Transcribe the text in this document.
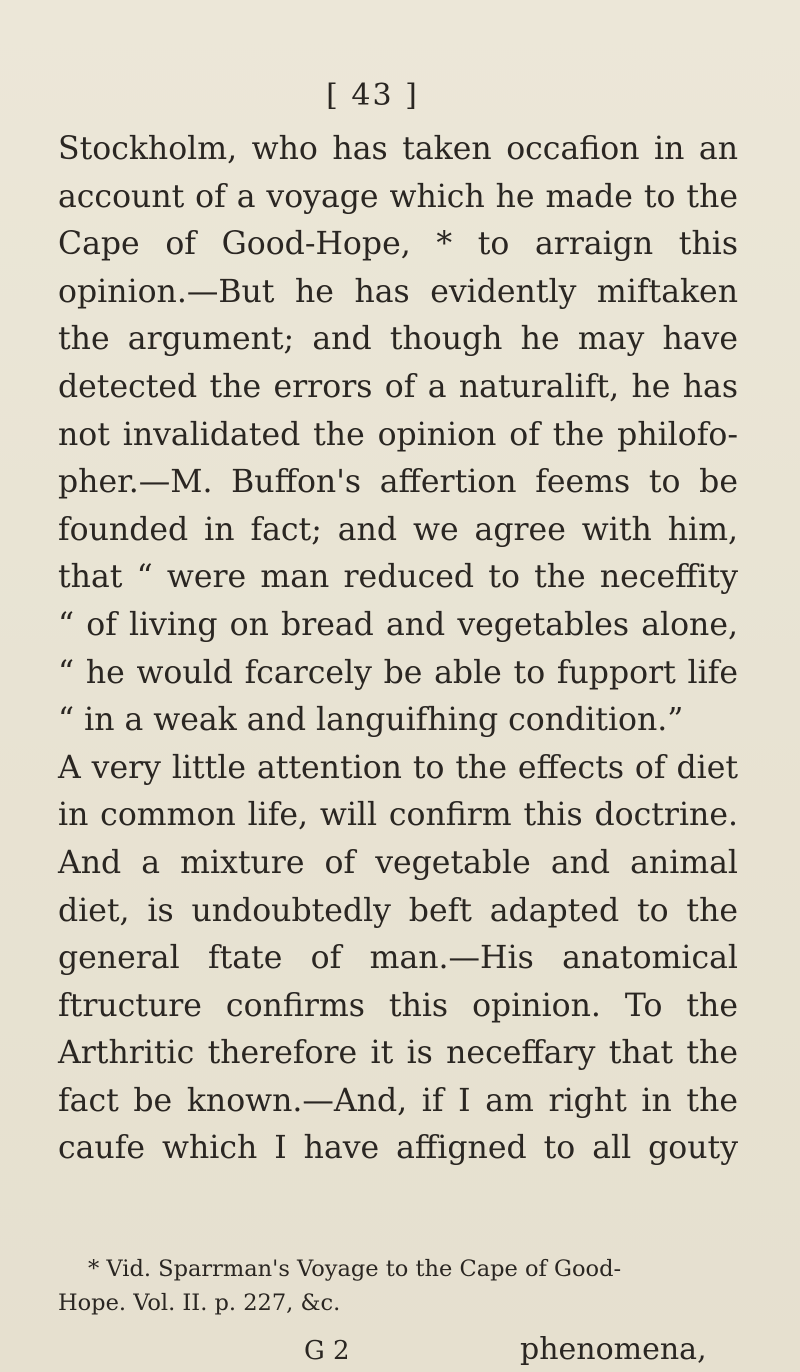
[ 43 ]
Stockholm, who has taken occafion in an
account of a voyage which he made to the
Cape of Good-Hope, * to arraign this
opinion.—But he has evidently miftaken
the argument; and though he may have
detected the errors of a naturalift, he has
not invalidated the opinion of the philofo-
pher.—M. Buffon's affertion feems to be
founded in fact; and we agree with him,
that “ were man reduced to the neceffity
“ of living on bread and vegetables alone,
“ he would fcarcely be able to fupport life
“ in a weak and languifhing condition.”
A very little attention to the effects of diet
in common life, will confirm this doctrine.
And a mixture of vegetable and animal
diet, is undoubtedly beft adapted to the
general ftate of man.—His anatomical
ftructure confirms this opinion. To the
Arthritic therefore it is neceffary that the
fact be known.—And, if I am right in the
caufe which I have affigned to all gouty
* Vid. Sparrman's Voyage to the Cape of Good-
Hope. Vol. II. p. 227, &c.
G 2	phenomena,
